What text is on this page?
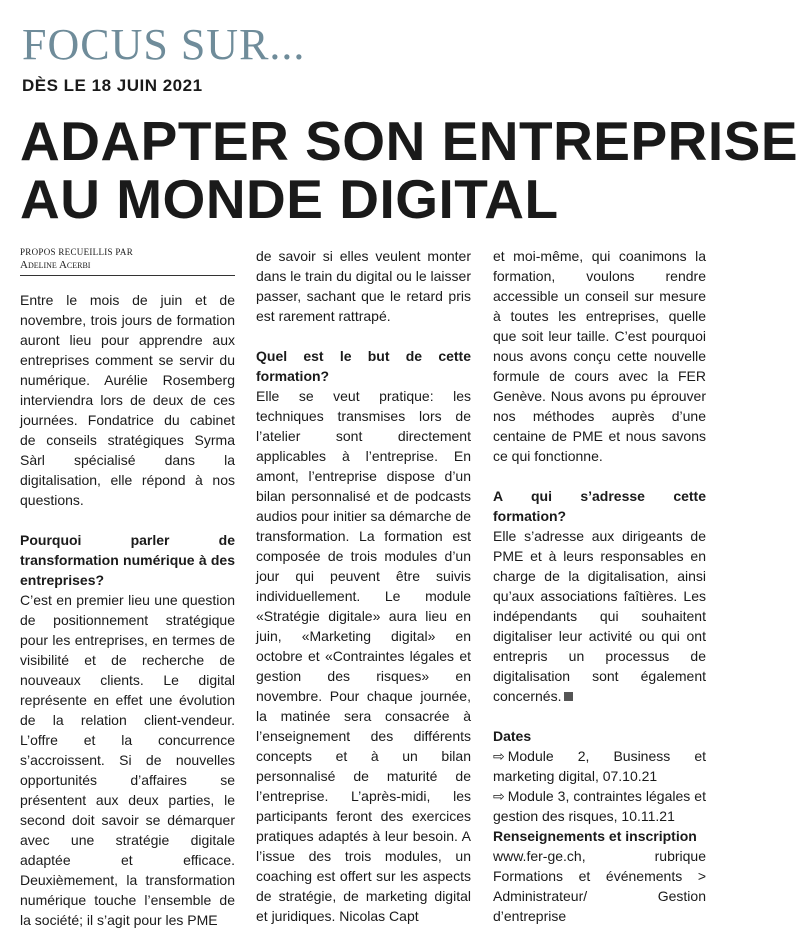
FOCUS SUR...
DÈS LE 18 JUIN 2021
ADAPTER SON ENTREPRISE
AU MONDE DIGITAL

PROPOS RECUEILLIS PAR

Adeline Acerbi

Entre le mois de juin et de novembre, trois jours de formation auront lieu pour apprendre aux entreprises comment se servir du numérique. Aurélie Rosemberg interviendra lors de deux de ces journées. Fondatrice du cabinet de conseils stratégiques Syrma Sàrl spécialisé dans la digitalisation, elle répond à nos questions.

Pourquoi parler de transformation numérique à des entreprises?

C’est en premier lieu une question de positionnement stratégique pour les entreprises, en termes de visibilité et de recherche de nouveaux clients. Le digital représente en effet une évolution de la relation client-vendeur. L’offre et la concurrence s’accroissent. Si de nouvelles opportunités d’affaires se présentent aux deux parties, le second doit savoir se démarquer avec une stratégie digitale adaptée et efficace. Deuxièmement, la transformation numérique touche l’ensemble de la société; il s’agit pour les PME

de savoir si elles veulent monter dans le train du digital ou le laisser passer, sachant que le retard pris est rarement rattrapé.

Quel est le but de cette formation?

Elle se veut pratique: les techniques transmises lors de l’atelier sont directement applicables à l’entreprise. En amont, l’entreprise dispose d’un bilan personnalisé et de podcasts audios pour initier sa démarche de transformation. La formation est composée de trois modules d’un jour qui peuvent être suivis individuellement. Le module «Stratégie digitale» aura lieu en juin, «Marketing digital» en octobre et «Contraintes légales et gestion des risques» en novembre. Pour chaque journée, la matinée sera consacrée à l’enseignement des différents concepts et à un bilan personnalisé de maturité de l’entreprise. L’après-midi, les participants feront des exercices pratiques adaptés à leur besoin. A l’issue des trois modules, un coaching est offert sur les aspects de stratégie, de marketing digital et juridiques. Nicolas Capt

et moi-même, qui coanimons la formation, voulons rendre accessible un conseil sur mesure à toutes les entreprises, quelle que soit leur taille. C’est pourquoi nous avons conçu cette nouvelle formule de cours avec la FER Genève. Nous avons pu éprouver nos méthodes auprès d’une centaine de PME et nous savons ce qui fonctionne.

A qui s’adresse cette formation?

Elle s’adresse aux dirigeants de PME et à leurs responsables en charge de la digitalisation, ainsi qu’aux associations faîtières. Les indépendants qui souhaitent digitaliser leur activité ou qui ont entrepris un processus de digitalisation sont également concernés.

Dates

⇨ Module 2, Business et marketing digital, 07.10.21

⇨ Module 3, contraintes légales et gestion des risques, 10.11.21

Renseignements et inscription

www.fer-ge.ch, rubrique Formations et événements > Administrateur/ Gestion d’entreprise
